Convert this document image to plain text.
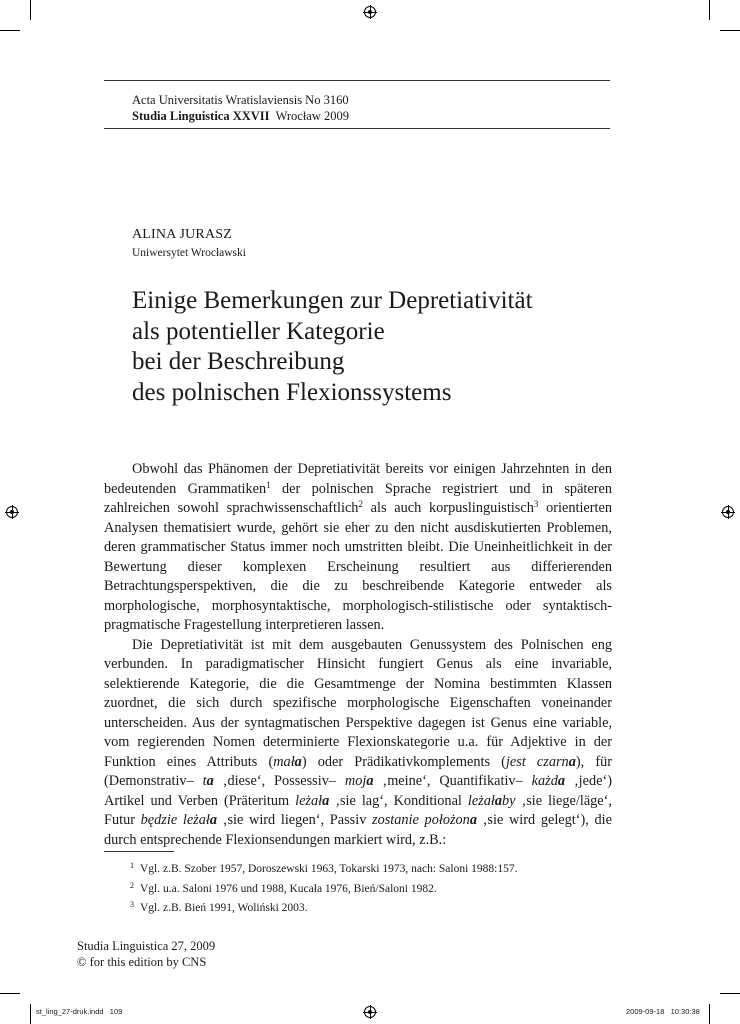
Acta Universitatis Wratislaviensis No 3160
Studia Linguistica XXVII Wrocław 2009
ALINA JURASZ
Uniwersytet Wrocławski
Einige Bemerkungen zur Depretiativität
als potentieller Kategorie
bei der Beschreibung
des polnischen Flexionssystems

Obwohl das Phänomen der Depretiativität bereits vor einigen Jahrzehnten in den bedeutenden Grammatiken$^1$ der polnischen Sprache registriert und in späteren zahlreichen sowohl sprachwissenschaftlich$^2$ als auch korpuslinguistisch$^3$ orientierten Analysen thematisiert wurde, gehört sie eher zu den nicht ausdiskutierten Problemen, deren grammatischer Status immer noch umstritten bleibt. Die Uneinheitlichkeit in der Bewertung dieser komplexen Erscheinung resultiert aus differierenden Betrachtungsperspektiven, die die zu beschreibende Kategorie entweder als morphologische, morphosyntaktische, morphologisch-stilistische oder syntaktisch-pragmatische Fragestellung interpretieren lassen.

Die Depretiativität ist mit dem ausgebauten Genussystem des Polnischen eng verbunden. In paradigmatischer Hinsicht fungiert Genus als eine invariable, selektierende Kategorie, die die Gesamtmenge der Nomina bestimmten Klassen zuordnet, die sich durch spezifische morphologische Eigenschaften voneinander unterscheiden. Aus der syntagmatischen Perspektive dagegen ist Genus eine variable, vom regierenden Nomen determinierte Flexionskategorie u.a. für Adjektive in der Funktion eines Attributs (mała) oder Prädikativkomplements (jest czarna), für (Demonstrativ– ta ‚diese‘, Possessiv– moja ‚meine‘, Quantifikativ– każda ‚jede‘) Artikel und Verben (Präteritum leżała ‚sie lag‘, Konditional leżałaby ‚sie liege/läge‘, Futur będzie leżała ‚sie wird liegen‘, Passiv zostanie położona ‚sie wird gelegt‘), die durch entsprechende Flexionsendungen markiert wird, z.B.:

$^1$ Vgl. z.B. Szober 1957, Doroszewski 1963, Tokarski 1973, nach: Saloni 1988:157.
$^2$ Vgl. u.a. Saloni 1976 und 1988, Kucała 1976, Bień/Saloni 1982.
$^3$ Vgl. z.B. Bień 1991, Woliński 2003.
Studia Linguistica 27, 2009
© for this edition by CNS
st_ling_27-druk.indd   109	2009-09-18   10:30:38
